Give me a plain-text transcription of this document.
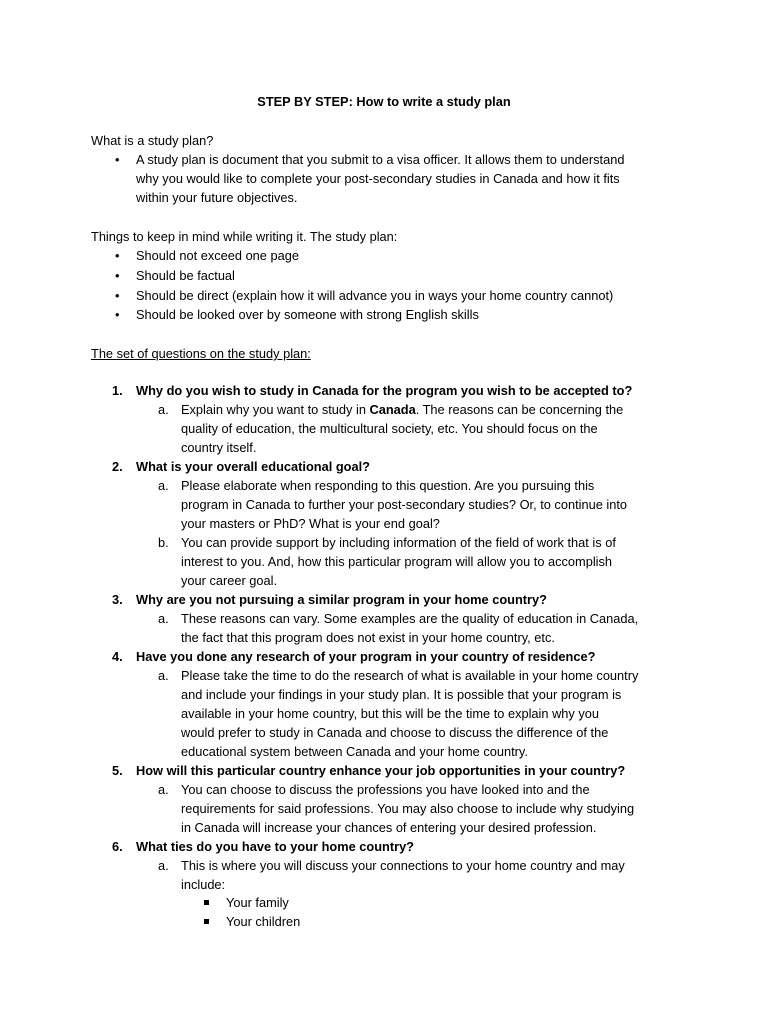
STEP BY STEP: How to write a study plan
What is a study plan?
• A study plan is document that you submit to a visa officer. It allows them to understand
why you would like to complete your post-secondary studies in Canada and how it fits
within your future objectives.
Things to keep in mind while writing it. The study plan:
• Should not exceed one page
• Should be factual
• Should be direct (explain how it will advance you in ways your home country cannot)
• Should be looked over by someone with strong English skills
The set of questions on the study plan:
1. Why do you wish to study in Canada for the program you wish to be accepted to?
a. Explain why you want to study in Canada. The reasons can be concerning the
quality of education, the multicultural society, etc. You should focus on the
country itself.
2. What is your overall educational goal?
a. Please elaborate when responding to this question. Are you pursuing this
program in Canada to further your post-secondary studies? Or, to continue into
your masters or PhD? What is your end goal?
b. You can provide support by including information of the field of work that is of
interest to you. And, how this particular program will allow you to accomplish
your career goal.
3. Why are you not pursuing a similar program in your home country?
a. These reasons can vary. Some examples are the quality of education in Canada,
the fact that this program does not exist in your home country, etc.
4. Have you done any research of your program in your country of residence?
a. Please take the time to do the research of what is available in your home country
and include your findings in your study plan. It is possible that your program is
available in your home country, but this will be the time to explain why you
would prefer to study in Canada and choose to discuss the difference of the
educational system between Canada and your home country.
5. How will this particular country enhance your job opportunities in your country?
a. You can choose to discuss the professions you have looked into and the
requirements for said professions. You may also choose to include why studying
in Canada will increase your chances of entering your desired profession.
6. What ties do you have to your home country?
a. This is where you will discuss your connections to your home country and may
include:
Your family
Your children
